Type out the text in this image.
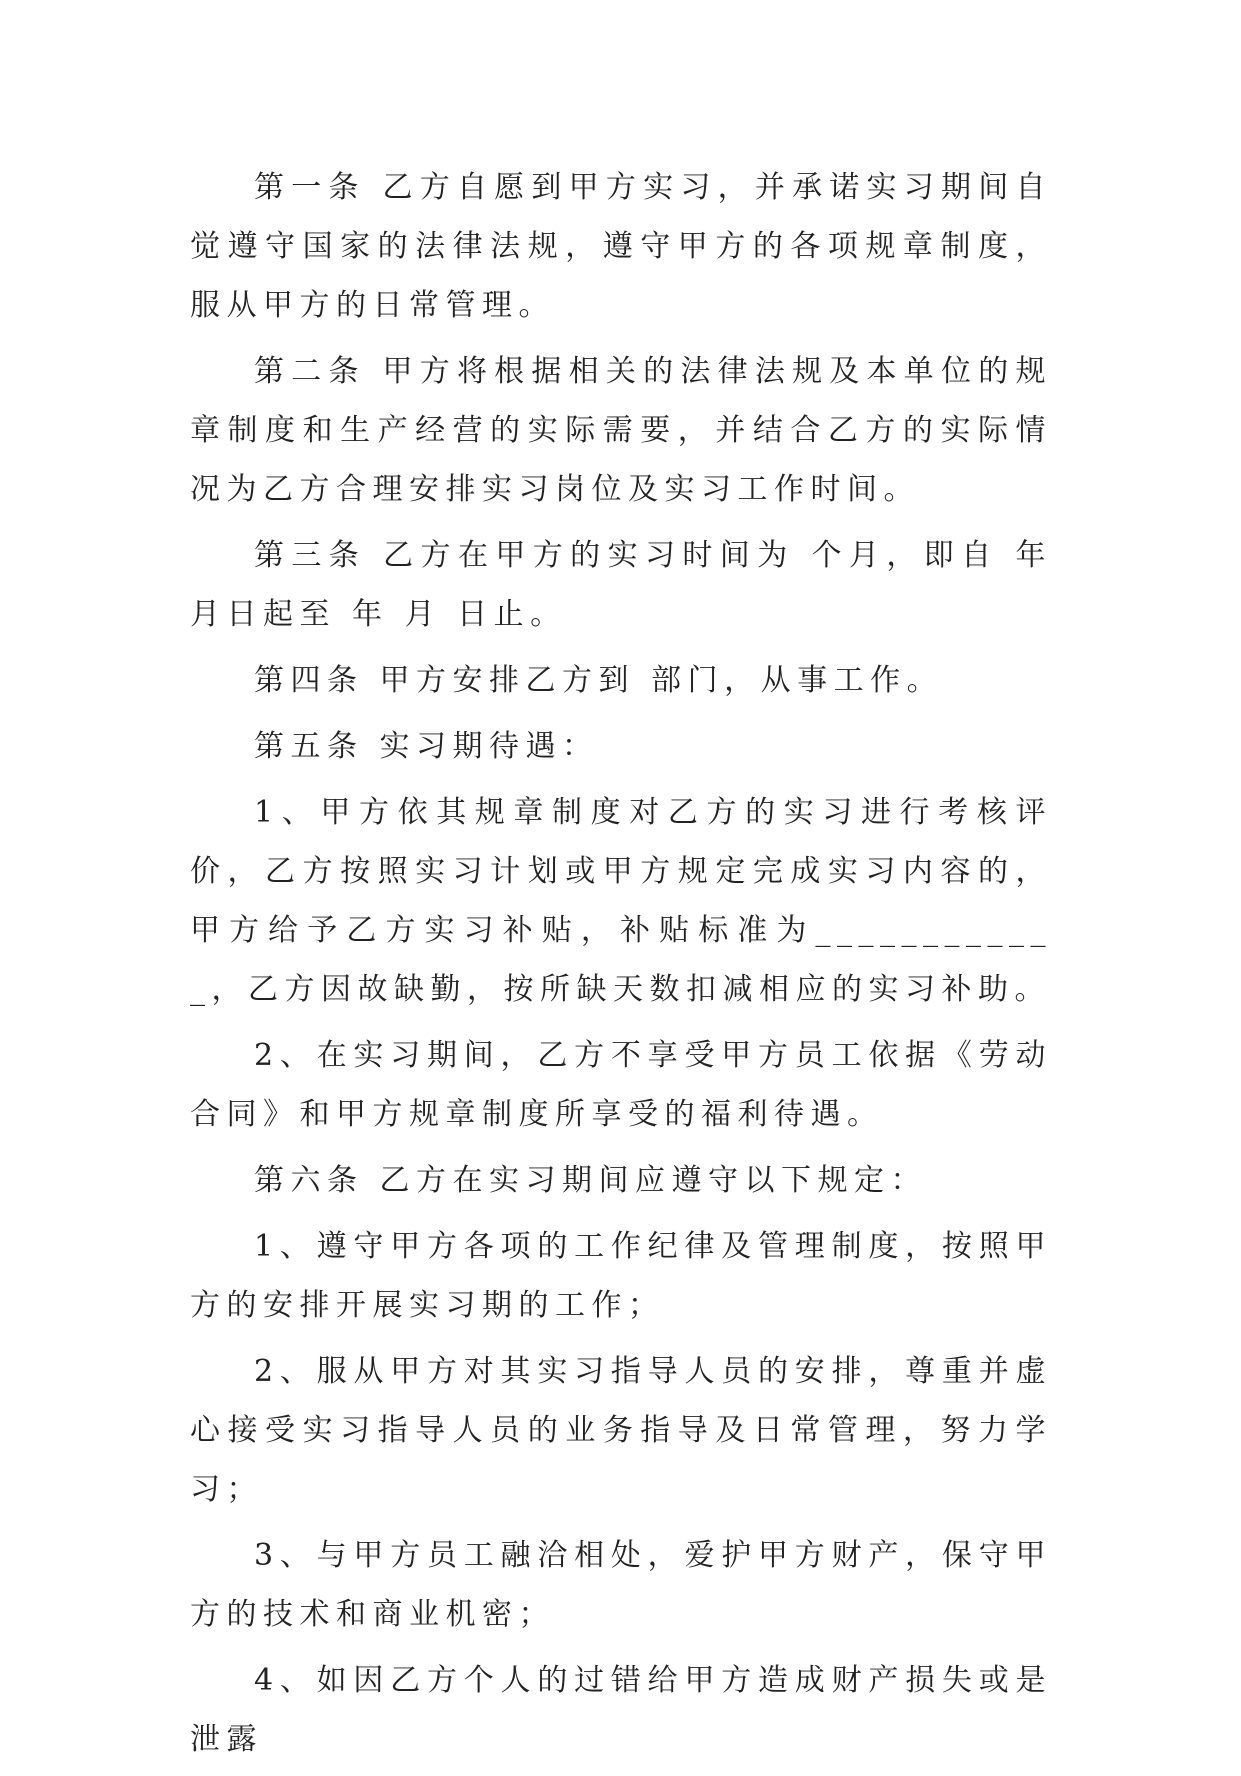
第一条 乙方自愿到甲方实习，并承诺实习期间自觉遵守国家的法律法规，遵守甲方的各项规章制度，服从甲方的日常管理。

第二条 甲方将根据相关的法律法规及本单位的规章制度和生产经营的实际需要，并结合乙方的实际情况为乙方合理安排实习岗位及实习工作时间。

第三条 乙方在甲方的实习时间为 个月，即自 年 月日起至 年 月 日止。

第四条 甲方安排乙方到 部门，从事工作。

第五条 实习期待遇：

1、甲方依其规章制度对乙方的实习进行考核评价，乙方按照实习计划或甲方规定完成实习内容的，甲方给予乙方实习补贴，补贴标准为____________，乙方因故缺勤，按所缺天数扣减相应的实习补助。

2、在实习期间，乙方不享受甲方员工依据《劳动合同》和甲方规章制度所享受的福利待遇。

第六条 乙方在实习期间应遵守以下规定：

1、遵守甲方各项的工作纪律及管理制度，按照甲方的安排开展实习期的工作；

2、服从甲方对其实习指导人员的安排，尊重并虚心接受实习指导人员的业务指导及日常管理，努力学习；

3、与甲方员工融洽相处，爱护甲方财产，保守甲方的技术和商业机密；

4、如因乙方个人的过错给甲方造成财产损失或是泄露
